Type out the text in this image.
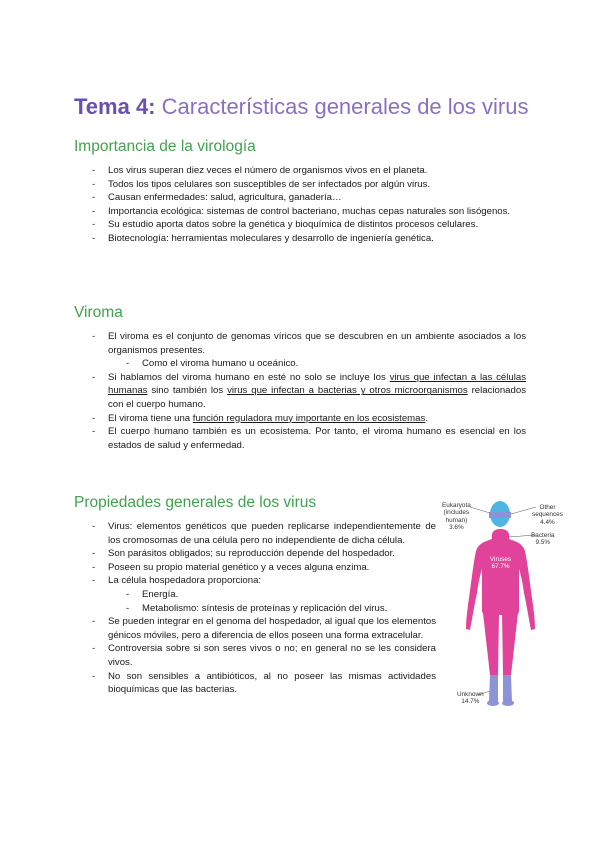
Tema 4: Características generales de los virus
Importancia de la virología
- Los virus superan diez veces el número de organismos vivos en el planeta.
- Todos los tipos celulares son susceptibles de ser infectados por algún virus.
- Causan enfermedades: salud, agricultura, ganadería…
- Importancia ecológica: sistemas de control bacteriano, muchas cepas naturales son lisógenos.
- Su estudio aporta datos sobre la genética y bioquímica de distintos procesos celulares.
- Biotecnología: herramientas moleculares y desarrollo de ingeniería genética.
Viroma
- El viroma es el conjunto de genomas víricos que se descubren en un ambiente asociados a los organismos presentes.
- Como el viroma humano u oceánico.
- Si hablamos del viroma humano en esté no solo se incluye los virus que infectan a las células humanas sino también los virus que infectan a bacterias y otros microorganismos relacionados con el cuerpo humano.
- El viroma tiene una función reguladora muy importante en los ecosistemas.
- El cuerpo humano también es un ecosistema. Por tanto, el viroma humano es esencial en los estados de salud y enfermedad.
Propiedades generales de los virus
- Virus: elementos genéticos que pueden replicarse independientemente de los cromosomas de una célula pero no independiente de dicha célula.
- Son parásitos obligados; su reproducción depende del hospedador.
- Poseen su propio material genético y a veces alguna enzima.
- La célula hospedadora proporciona:
- Energía.
- Metabolismo: síntesis de proteínas y replicación del virus.
- Se pueden integrar en el genoma del hospedador, al igual que los elementos génicos móviles, pero a diferencia de ellos poseen una forma extracelular.
- Controversia sobre si son seres vivos o no; en general no se les considera vivos.
- No son sensibles a antibióticos, al no poseer las mismas actividades bioquímicas que las bacterias.
Eukaryota
(includes
human)
3.6%
Other
sequences
4.4%
Bacteria
9.5%
Viruses
67.7%
Unknown
14.7%
